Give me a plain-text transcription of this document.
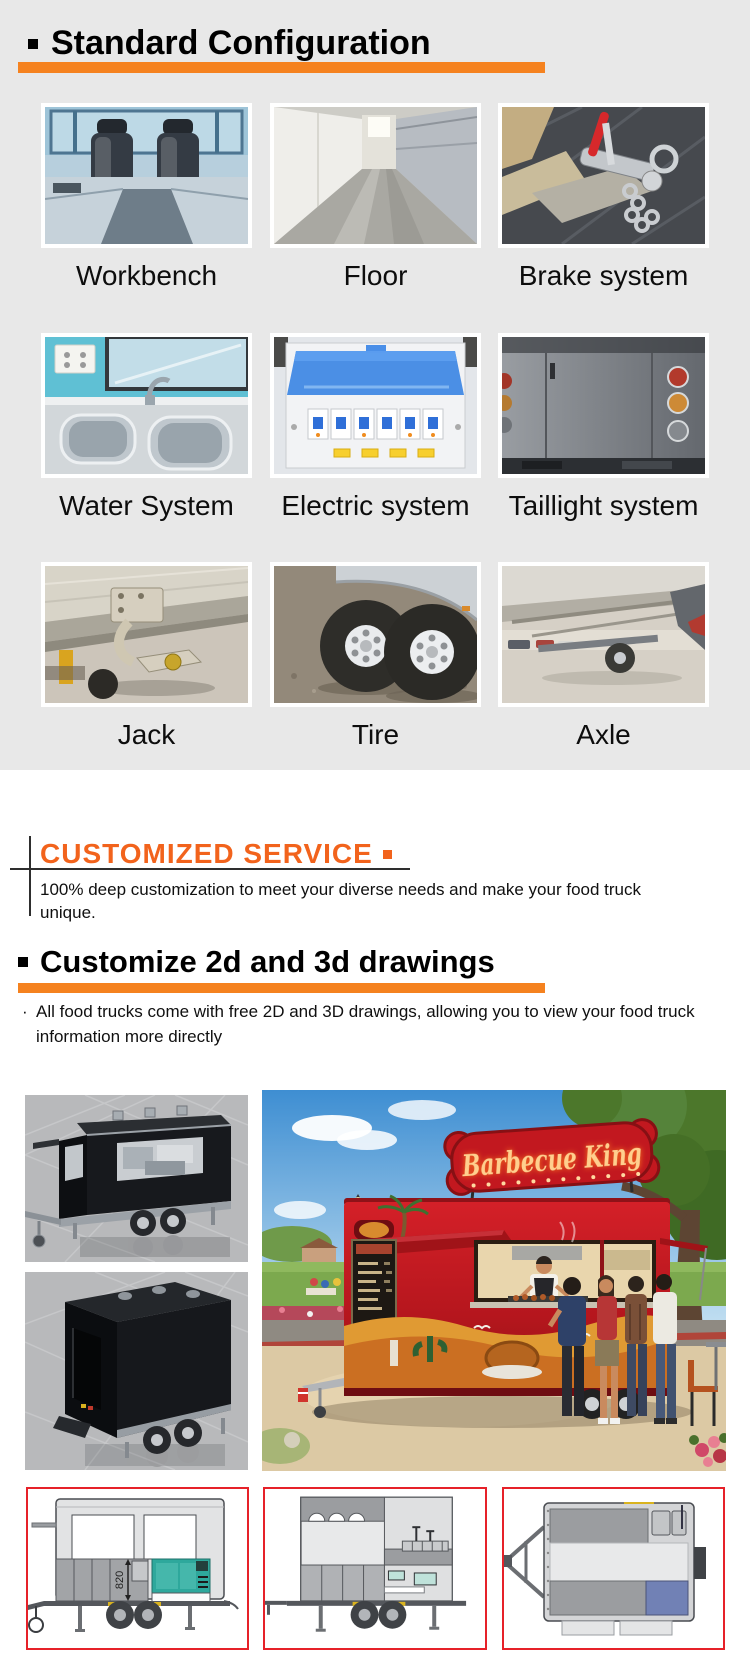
Standard Configuration
Workbench	Floor	Brake system
Water System	Electric system	Taillight system
Jack	Tire	Axle
CUSTOMIZED SERVICE
100% deep customization to meet your diverse needs and make your food truck unique.
Customize 2d and 3d drawings
· All food trucks come with free 2D and 3D drawings, allowing you to view your food truck information more directly
Barbecue King
820
